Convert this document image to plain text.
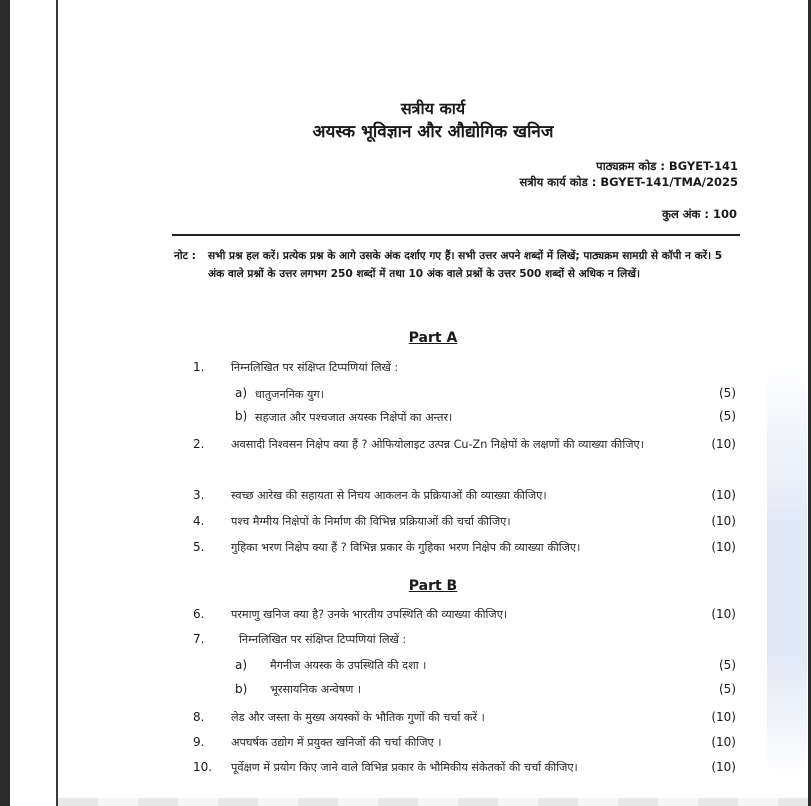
सत्रीय कार्य
अयस्क भूविज्ञान और औद्योगिक खनिज
पाठ्यक्रम कोड : BGYET-141
सत्रीय कार्य कोड : BGYET-141/TMA/2025
कुल अंक : 100
नोट :	सभी प्रश्न हल करें। प्रत्येक प्रश्न के आगे उसके अंक दर्शाए गए हैं। सभी उत्तर अपने शब्दों में लिखें; पाठ्यक्रम सामग्री से कॉपी न करें। 5 अंक वाले प्रश्नों के उत्तर लगभग 250 शब्दों में तथा 10 अंक वाले प्रश्नों के उत्तर 500 शब्दों से अधिक न लिखें।
Part A
1. निम्नलिखित पर संक्षिप्त टिप्पणियां लिखें :
a) धातुजननिक युग।	(5)
b) सहजात और पश्चजात अयस्क निक्षेपों का अन्तर।	(5)
2. अवसादी निश्वसन निक्षेप क्या हैं ? ओफियोलाइट उत्पन्न Cu-Zn निक्षेपों के लक्षणों की व्याख्या कीजिए।	(10)
3. स्वच्छ आरेख की सहायता से निचय आकलन के प्रक्रियाओं की व्याख्या कीजिए।	(10)
4. पश्च मैग्मीय निक्षेपों के निर्माण की विभिन्न प्रक्रियाओं की चर्चा कीजिए।	(10)
5. गुहिका भरण निक्षेप क्या हैं ? विभिन्न प्रकार के गुहिका भरण निक्षेप की व्याख्या कीजिए।	(10)
Part B
6. परमाणु खनिज क्या है? उनके भारतीय उपस्थिति की व्याख्या कीजिए।	(10)
7.	निम्नलिखित पर संक्षिप्त टिप्पणियां लिखें :
a) मैगनीज अयस्क के उपस्थिति की दशा ।	(5)
b) भूरसायनिक अन्वेषण ।	(5)
8. लेड और जस्ता के मुख्य अयस्कों के भौतिक गुणों की चर्चा करें ।	(10)
9. अपघर्षक उद्योग में प्रयुक्त खनिजों की चर्चा कीजिए ।	(10)
10. पूर्वेक्षण में प्रयोग किए जाने वाले विभिन्न प्रकार के भौमिकीय संकेतकों की चर्चा कीजिए।	(10)
